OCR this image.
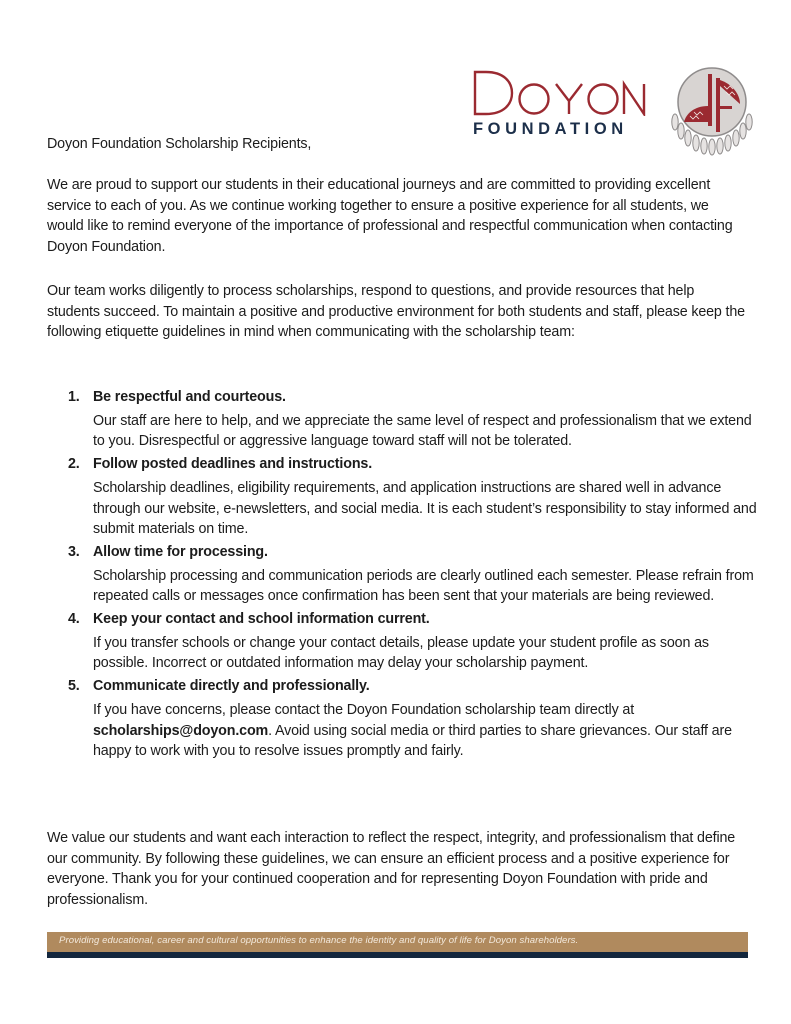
FOUNDATION
Doyon Foundation Scholarship Recipients,

We are proud to support our students in their educational journeys and are committed to providing excellent service to each of you. As we continue working together to ensure a positive experience for all students, we would like to remind everyone of the importance of professional and respectful communication when contacting Doyon Foundation.

Our team works diligently to process scholarships, respond to questions, and provide resources that help students succeed. To maintain a positive and productive environment for both students and staff, please keep the following etiquette guidelines in mind when communicating with the scholarship team:

1. Be respectful and courteous.
Our staff are here to help, and we appreciate the same level of respect and professionalism that we extend to you. Disrespectful or aggressive language toward staff will not be tolerated.
2. Follow posted deadlines and instructions.
Scholarship deadlines, eligibility requirements, and application instructions are shared well in advance through our website, e-newsletters, and social media. It is each student’s responsibility to stay informed and submit materials on time.
3. Allow time for processing.
Scholarship processing and communication periods are clearly outlined each semester. Please refrain from repeated calls or messages once confirmation has been sent that your materials are being reviewed.
4. Keep your contact and school information current.
If you transfer schools or change your contact details, please update your student profile as soon as possible. Incorrect or outdated information may delay your scholarship payment.
5. Communicate directly and professionally.
If you have concerns, please contact the Doyon Foundation scholarship team directly at scholarships@doyon.com. Avoid using social media or third parties to share grievances. Our staff are happy to work with you to resolve issues promptly and fairly.

We value our students and want each interaction to reflect the respect, integrity, and professionalism that define our community. By following these guidelines, we can ensure an efficient process and a positive experience for everyone. Thank you for your continued cooperation and for representing Doyon Foundation with pride and professionalism.

Providing educational, career and cultural opportunities to enhance the identity and quality of life for Doyon shareholders.
